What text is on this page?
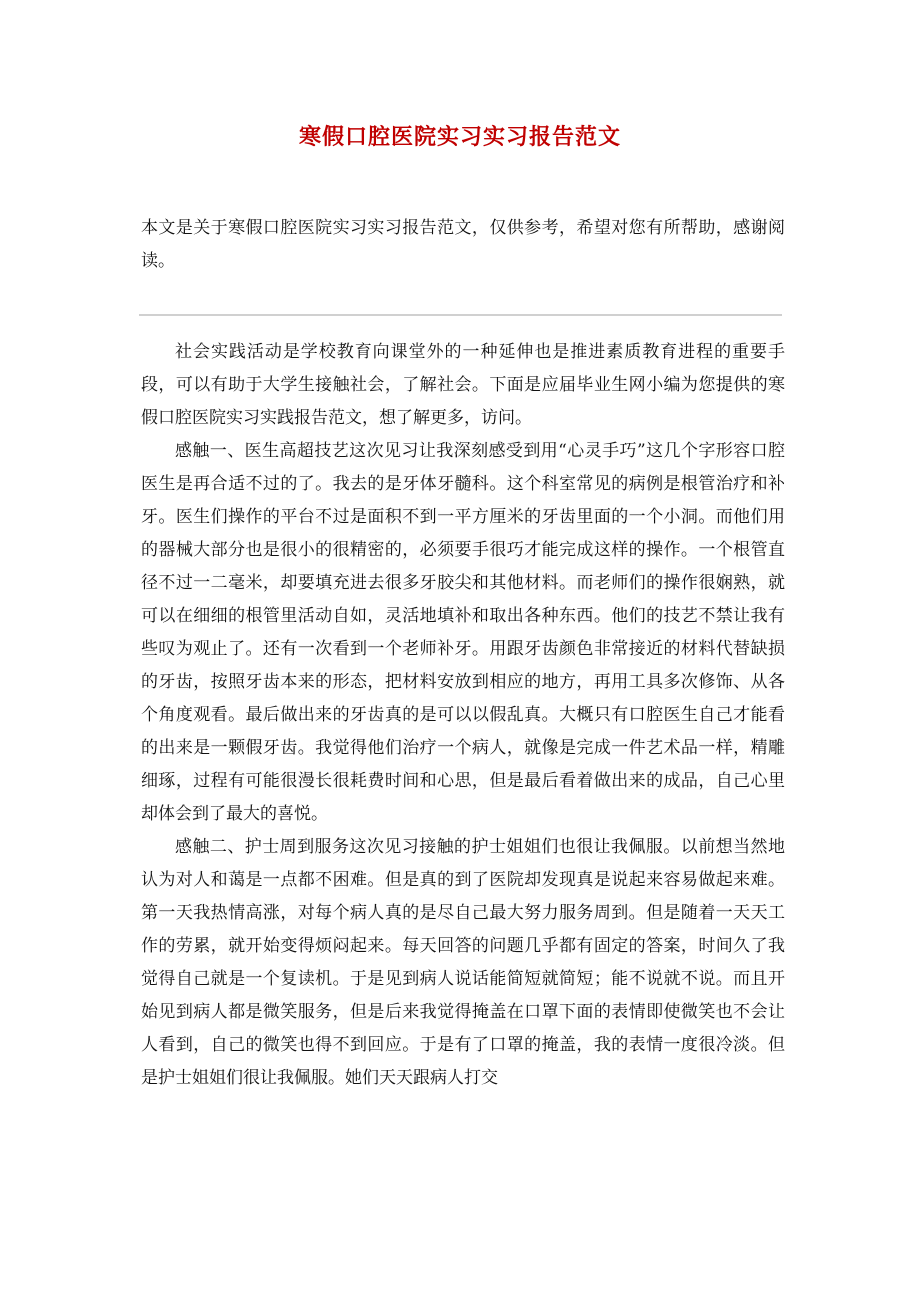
寒假口腔医院实习实习报告范文

本文是关于寒假口腔医院实习实习报告范文，仅供参考，希望对您有所帮助，感谢阅读。

社会实践活动是学校教育向课堂外的一种延伸也是推进素质教育进程的重要手段，可以有助于大学生接触社会，了解社会。下面是应届毕业生网小编为您提供的寒假口腔医院实习实践报告范文，想了解更多，访问。

感触一、医生高超技艺这次见习让我深刻感受到用“心灵手巧”这几个字形容口腔医生是再合适不过的了。我去的是牙体牙髓科。这个科室常见的病例是根管治疗和补牙。医生们操作的平台不过是面积不到一平方厘米的牙齿里面的一个小洞。而他们用的器械大部分也是很小的很精密的，必须要手很巧才能完成这样的操作。一个根管直径不过一二毫米，却要填充进去很多牙胶尖和其他材料。而老师们的操作很娴熟，就可以在细细的根管里活动自如，灵活地填补和取出各种东西。他们的技艺不禁让我有些叹为观止了。还有一次看到一个老师补牙。用跟牙齿颜色非常接近的材料代替缺损的牙齿，按照牙齿本来的形态，把材料安放到相应的地方，再用工具多次修饰、从各个角度观看。最后做出来的牙齿真的是可以以假乱真。大概只有口腔医生自己才能看的出来是一颗假牙齿。我觉得他们治疗一个病人，就像是完成一件艺术品一样，精雕细琢，过程有可能很漫长很耗费时间和心思，但是最后看着做出来的成品，自己心里却体会到了最大的喜悦。

感触二、护士周到服务这次见习接触的护士姐姐们也很让我佩服。以前想当然地认为对人和蔼是一点都不困难。但是真的到了医院却发现真是说起来容易做起来难。第一天我热情高涨，对每个病人真的是尽自己最大努力服务周到。但是随着一天天工作的劳累，就开始变得烦闷起来。每天回答的问题几乎都有固定的答案，时间久了我觉得自己就是一个复读机。于是见到病人说话能简短就简短；能不说就不说。而且开始见到病人都是微笑服务，但是后来我觉得掩盖在口罩下面的表情即使微笑也不会让人看到，自己的微笑也得不到回应。于是有了口罩的掩盖，我的表情一度很冷淡。但是护士姐姐们很让我佩服。她们天天跟病人打交
